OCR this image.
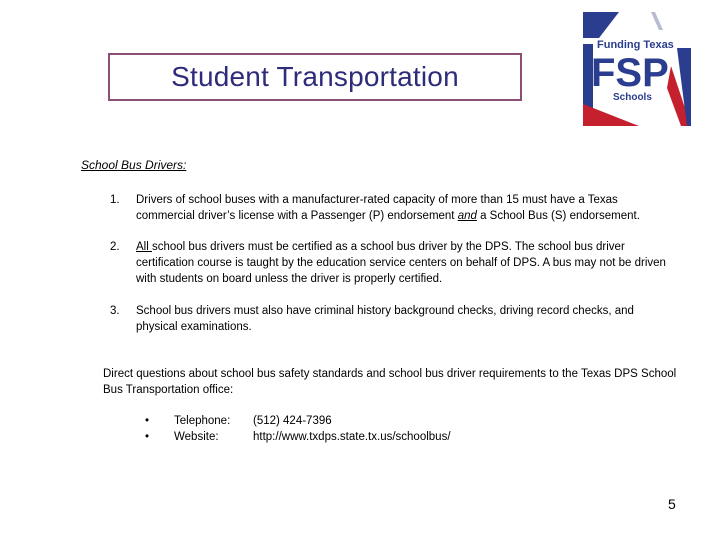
Student Transportation
Funding Texas
FSP
Schools
School Bus Drivers:
1. Drivers of school buses with a manufacturer-rated capacity of more than 15 must have a Texas commercial driver’s license with a Passenger (P) endorsement and a School Bus (S) endorsement.
2. All school bus drivers must be certified as a school bus driver by the DPS. The school bus driver certification course is taught by the education service centers on behalf of DPS. A bus may not be driven with students on board unless the driver is properly certified.
3. School bus drivers must also have criminal history background checks, driving record checks, and physical examinations.
Direct questions about school bus safety standards and school bus driver requirements to the Texas DPS School Bus Transportation office:
• Telephone: (512) 424-7396
• Website:	http://www.txdps.state.tx.us/schoolbus/
5
